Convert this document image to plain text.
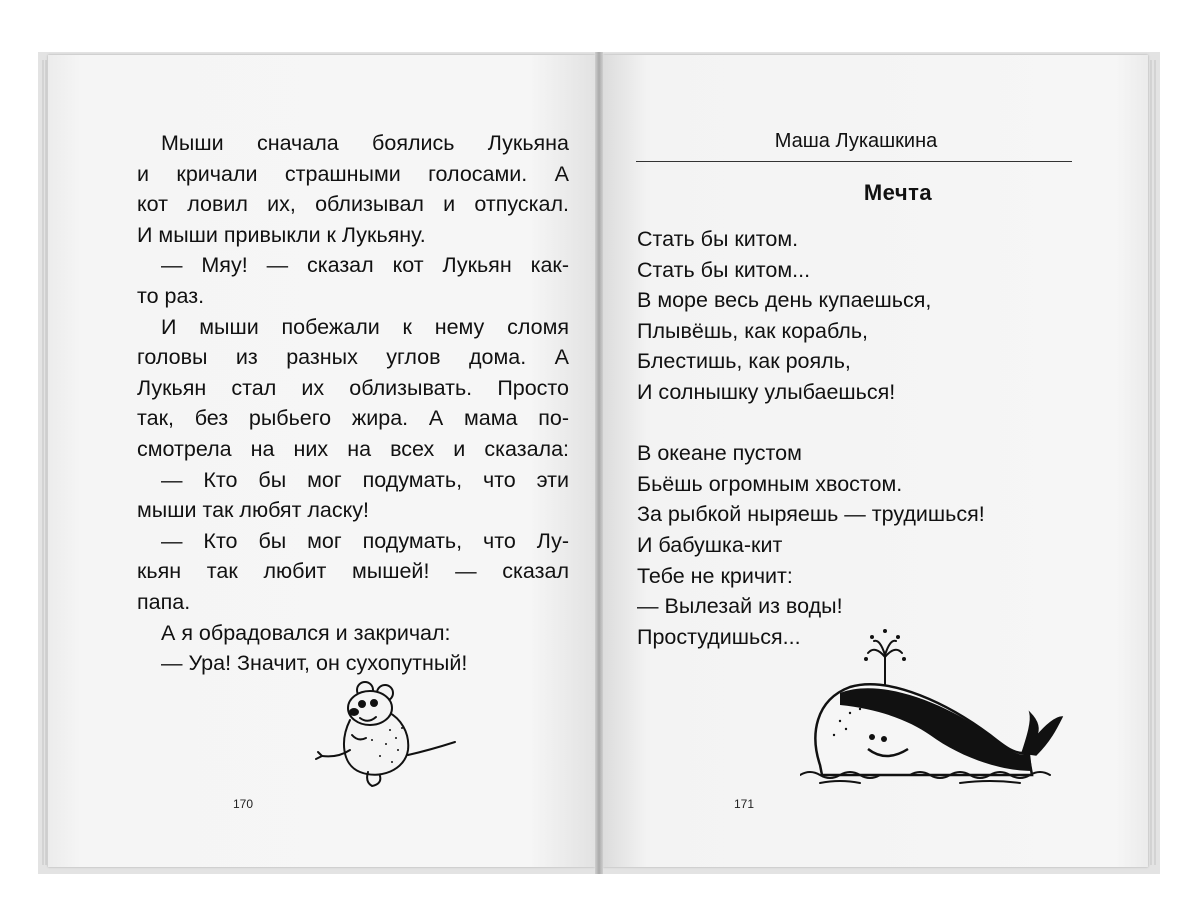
Мыши сначала боялись Лукьяна
и кричали страшными голосами. А
кот ловил их, облизывал и отпускал.
И мыши привыкли к Лукьяну.
— Мяу! — сказал кот Лукьян как-
то раз.
И мыши побежали к нему сломя
головы из разных углов дома. А
Лукьян стал их облизывать. Просто
так, без рыбьего жира. А мама по-
смотрела на них на всех и сказала:
— Кто бы мог подумать, что эти
мыши так любят ласку!
— Кто бы мог подумать, что Лу-
кьян так любит мышей! — сказал
папа.
А я обрадовался и закричал:
— Ура! Значит, он сухопутный!
170
Маша Лукашкина
Мечта
Стать бы китом.
Стать бы китом...
В море весь день купаешься,
Плывёшь, как корабль,
Блестишь, как рояль,
И солнышку улыбаешься!
В океане пустом
Бьёшь огромным хвостом.
За рыбкой ныряешь — трудишься!
И бабушка-кит
Тебе не кричит:
— Вылезай из воды!
Простудишься...
171
